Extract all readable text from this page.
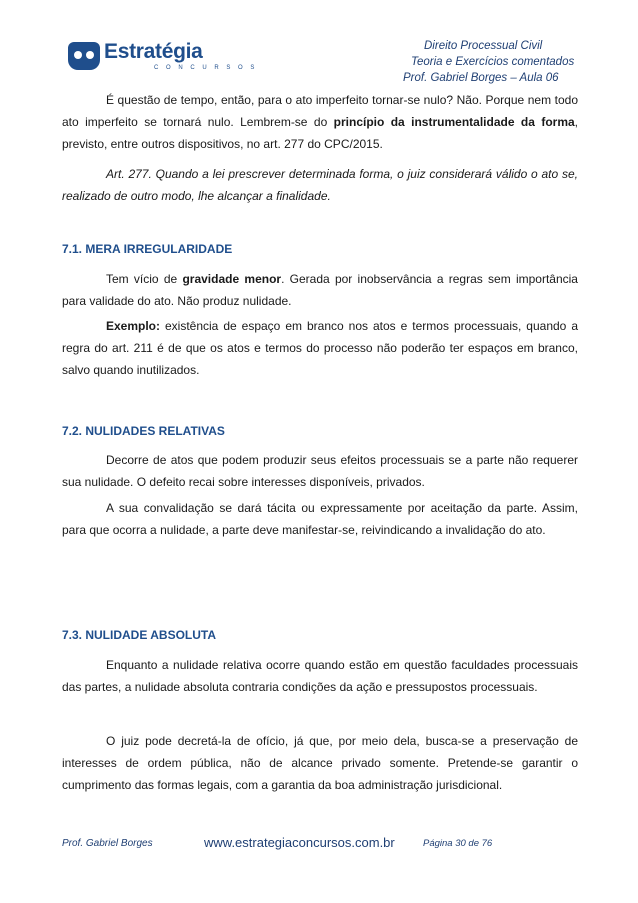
Estratégia
C O N C U R S O S
Direito Processual Civil
Teoria e Exercícios comentados
Prof. Gabriel Borges – Aula 06

É questão de tempo, então, para o ato imperfeito tornar-se nulo? Não. Porque nem todo ato imperfeito se tornará nulo. Lembrem-se do princípio da instrumentalidade da forma, previsto, entre outros dispositivos, no art. 277 do CPC/2015.

Art. 277. Quando a lei prescrever determinada forma, o juiz considerará válido o ato se, realizado de outro modo, lhe alcançar a finalidade.

7.1. MERA IRREGULARIDADE

Tem vício de gravidade menor. Gerada por inobservância a regras sem importância para validade do ato. Não produz nulidade.

Exemplo: existência de espaço em branco nos atos e termos processuais, quando a regra do art. 211 é de que os atos e termos do processo não poderão ter espaços em branco, salvo quando inutilizados.

7.2. NULIDADES RELATIVAS

Decorre de atos que podem produzir seus efeitos processuais se a parte não requerer sua nulidade. O defeito recai sobre interesses disponíveis, privados.

A sua convalidação se dará tácita ou expressamente por aceitação da parte. Assim, para que ocorra a nulidade, a parte deve manifestar-se, reivindicando a invalidação do ato.

7.3. NULIDADE ABSOLUTA

Enquanto a nulidade relativa ocorre quando estão em questão faculdades processuais das partes, a nulidade absoluta contraria condições da ação e pressupostos processuais.

O juiz pode decretá-la de ofício, já que, por meio dela, busca-se a preservação de interesses de ordem pública, não de alcance privado somente. Pretende-se garantir o cumprimento das formas legais, com a garantia da boa administração jurisdicional.

Prof. Gabriel Borges	www.estrategiaconcursos.com.br	Página 30 de 76
